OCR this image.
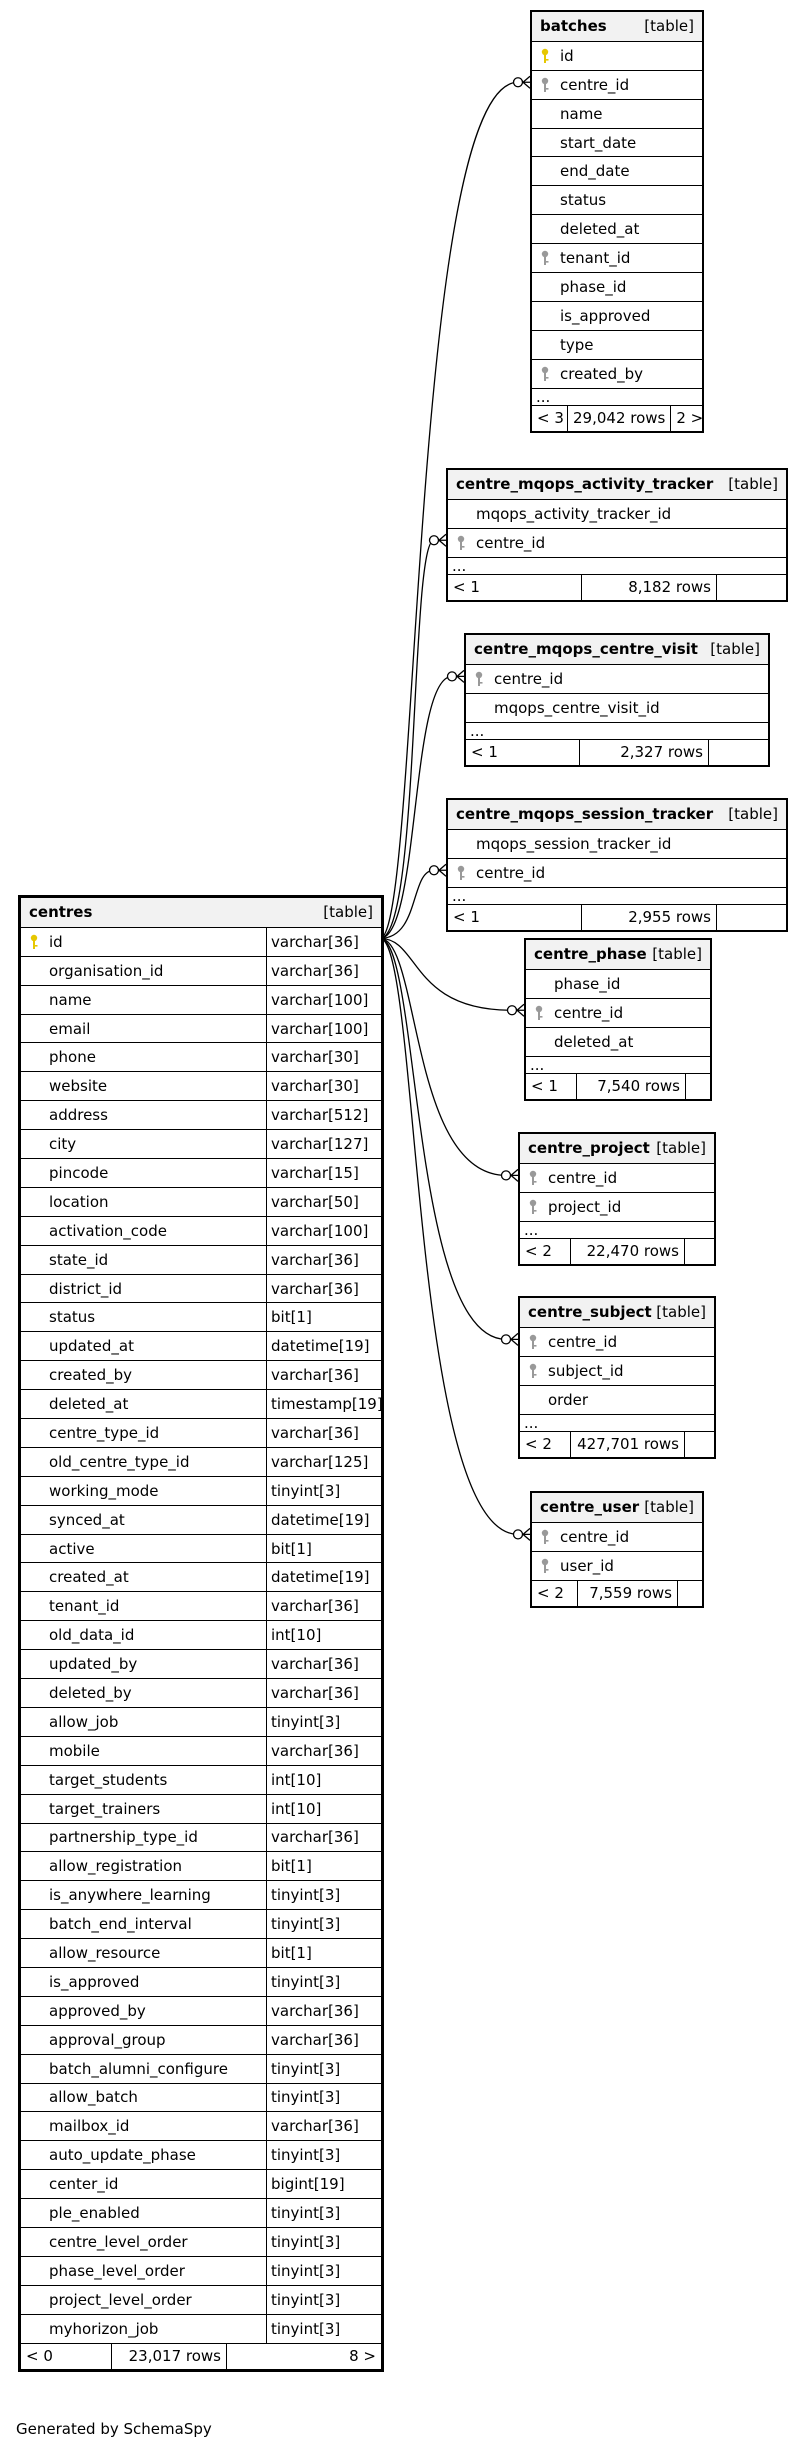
centres	[table]
id	varchar[36]
organisation_id	varchar[36]
name	varchar[100]
email	varchar[100]
phone	varchar[30]
website	varchar[30]
address	varchar[512]
city	varchar[127]
pincode	varchar[15]
location	varchar[50]
activation_code	varchar[100]
state_id	varchar[36]
district_id	varchar[36]
status	bit[1]
updated_at	datetime[19]
created_by	varchar[36]
deleted_at	timestamp[19]
centre_type_id	varchar[36]
old_centre_type_id	varchar[125]
working_mode	tinyint[3]
synced_at	datetime[19]
active	bit[1]
created_at	datetime[19]
tenant_id	varchar[36]
old_data_id	int[10]
updated_by	varchar[36]
deleted_by	varchar[36]
allow_job	tinyint[3]
mobile	varchar[36]
target_students	int[10]
target_trainers	int[10]
partnership_type_id	varchar[36]
allow_registration	bit[1]
is_anywhere_learning	tinyint[3]
batch_end_interval	tinyint[3]
allow_resource	bit[1]
is_approved	tinyint[3]
approved_by	varchar[36]
approval_group	varchar[36]
batch_alumni_configure	tinyint[3]
allow_batch	tinyint[3]
mailbox_id	varchar[36]
auto_update_phase	tinyint[3]
center_id	bigint[19]
ple_enabled	tinyint[3]
centre_level_order	tinyint[3]
phase_level_order	tinyint[3]
project_level_order	tinyint[3]
myhorizon_job	tinyint[3]
< 0	23,017 rows	8 >
batches	[table]
id
centre_id
name
start_date
end_date
status
deleted_at
tenant_id
phase_id
is_approved
type
created_by
...
< 3 29,042 rows 2 >
centre_mqops_activity_tracker	[table]
mqops_activity_tracker_id
centre_id
...
< 1	8,182 rows
centre_mqops_centre_visit [table]
centre_id
mqops_centre_visit_id
...
< 1	2,327 rows
centre_mqops_session_tracker	[table]
mqops_session_tracker_id
centre_id
...
< 1	2,955 rows
centre_phase [table]
phase_id
centre_id
deleted_at
...
< 1	7,540 rows
centre_project [table]
centre_id
project_id
...
< 2	22,470 rows
centre_subject [table]
centre_id
subject_id
order
...
< 2	427,701 rows
centre_user [table]
centre_id
user_id
< 2	7,559 rows
Generated by SchemaSpy
